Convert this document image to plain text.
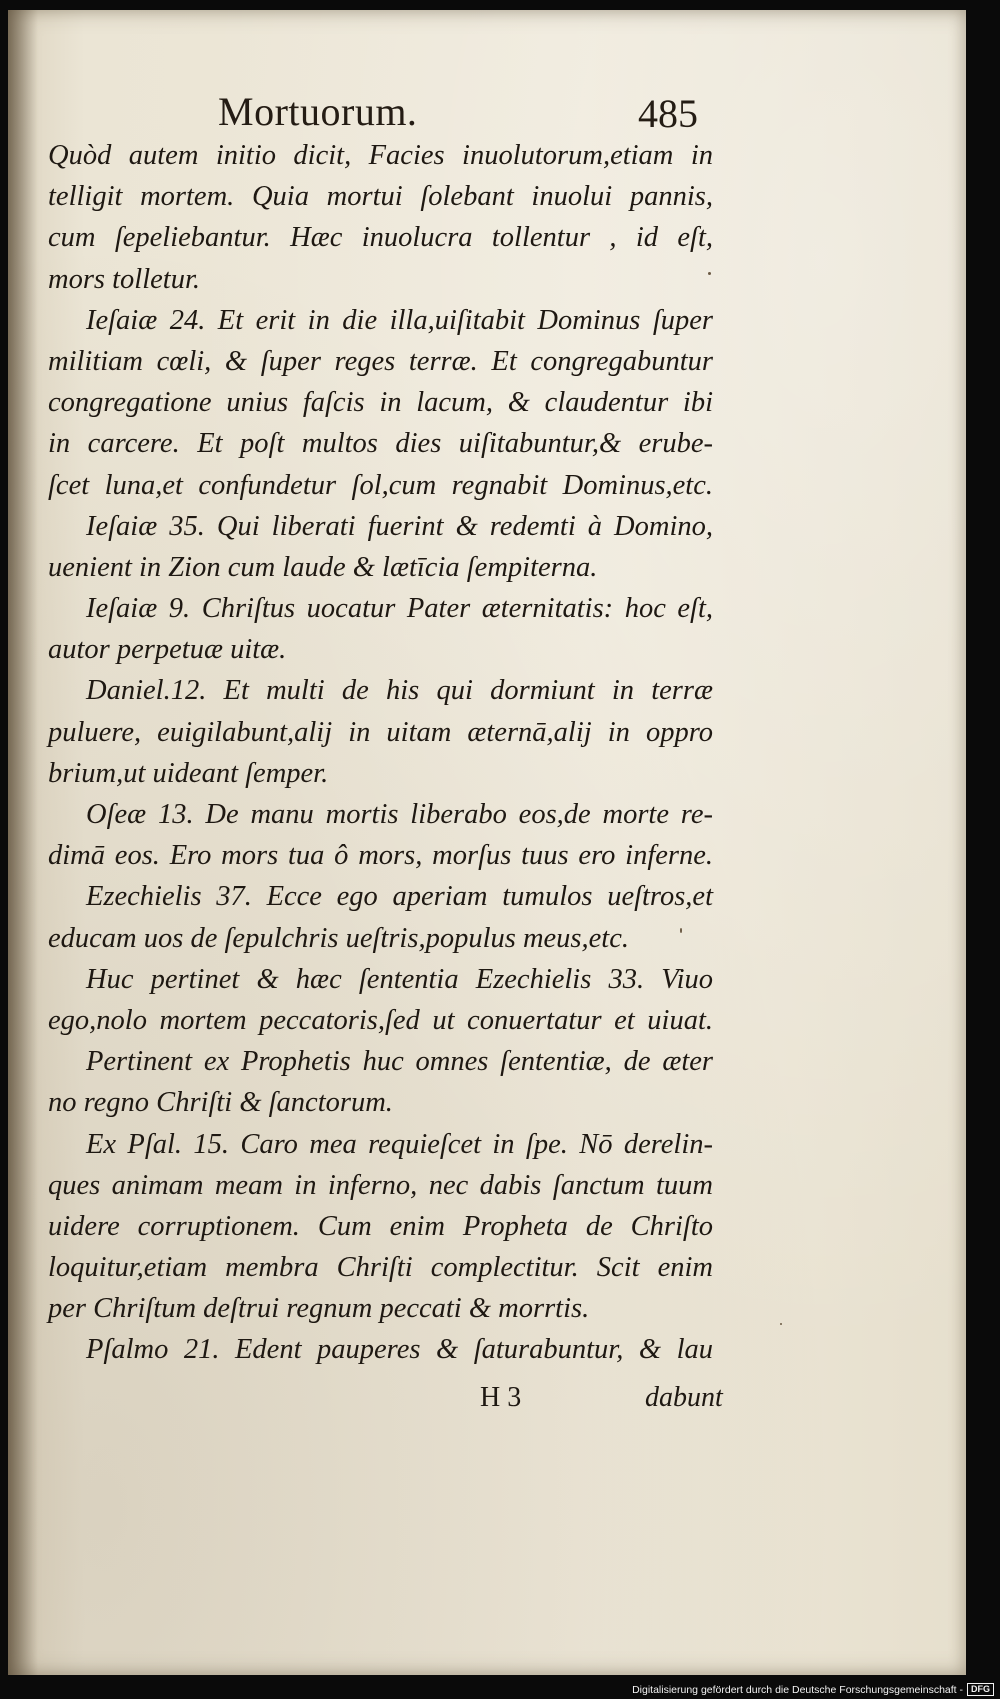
Mortuorum.	485
Quòd autem initio dicit, Facies inuolutorum,etiam in
telligit mortem. Quia mortui ſolebant inuolui pannis,
cum ſepeliebantur. Hæc inuolucra tollentur , id eſt,
mors tolletur.
Ieſaiæ 24. Et erit in die illa,uiſitabit Dominus ſuper
militiam cœli, & ſuper reges terræ. Et congregabuntur
congregatione unius faſcis in lacum, & claudentur ibi
in carcere. Et poſt multos dies uiſitabuntur,& erube-
ſcet luna,et confundetur ſol,cum regnabit Dominus,etc.
Ieſaiæ 35. Qui liberati fuerint & redemti à Domino,
uenient in Zion cum laude & lætīcia ſempiterna.
Ieſaiæ 9. Chriſtus uocatur Pater æternitatis: hoc eſt,
autor perpetuæ uitæ.
Daniel.12. Et multi de his qui dormiunt in terræ
puluere, euigilabunt,alij in uitam æternā,alij in oppro
brium,ut uideant ſemper.
Oſeæ 13. De manu mortis liberabo eos,de morte re-
dimā eos. Ero mors tua ô mors, morſus tuus ero inferne.
Ezechielis 37. Ecce ego aperiam tumulos ueſtros,et
educam uos de ſepulchris ueſtris,populus meus,etc.
Huc pertinet & hæc ſententia Ezechielis 33. Viuo
ego,nolo mortem peccatoris,ſed ut conuertatur et uiuat.
Pertinent ex Prophetis huc omnes ſententiæ, de æter
no regno Chriſti & ſanctorum.
Ex Pſal. 15. Caro mea requieſcet in ſpe. Nō derelin-
ques animam meam in inferno, nec dabis ſanctum tuum
uidere corruptionem. Cum enim Propheta de Chriſto
loquitur,etiam membra Chriſti complectitur. Scit enim
per Chriſtum deſtrui regnum peccati & morrtis.
Pſalmo 21. Edent pauperes & ſaturabuntur, & lau
H 3	dabunt
Digitalisierung gefördert durch die Deutsche Forschungsgemeinschaft - DFG
